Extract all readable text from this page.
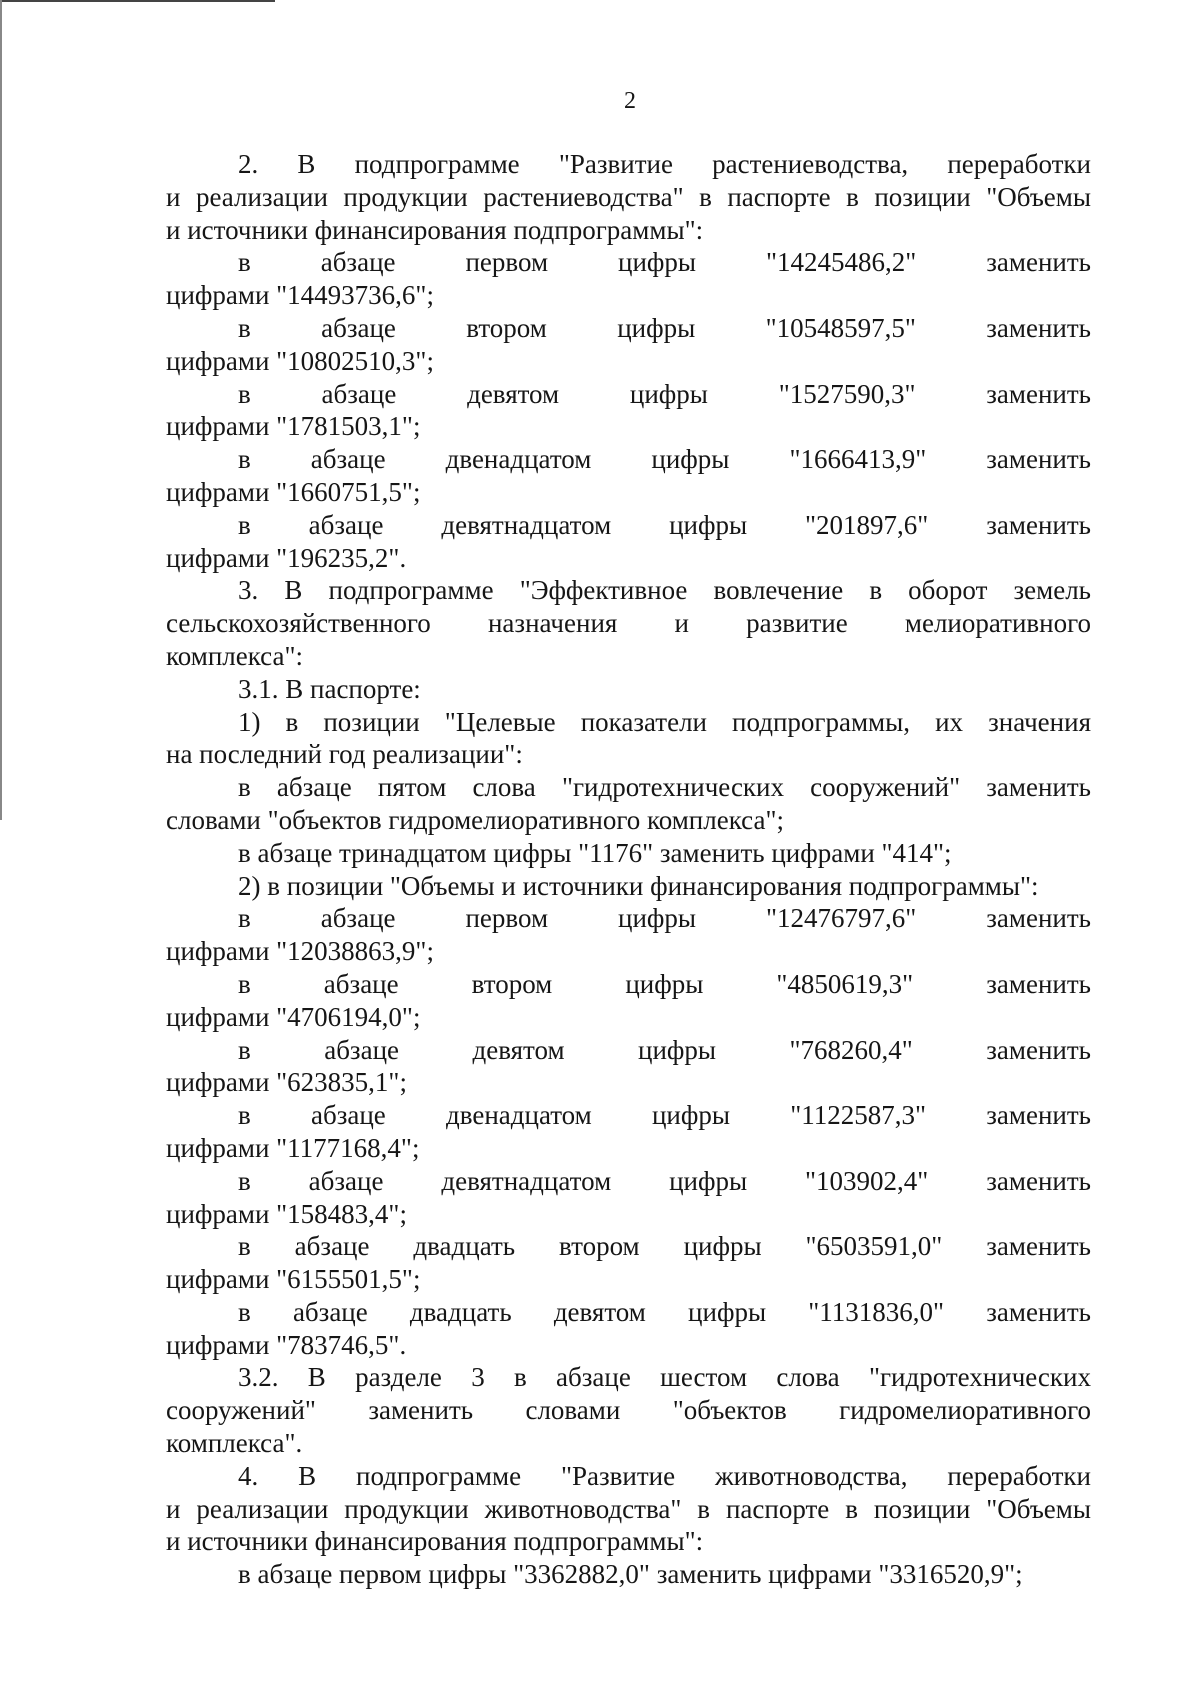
2
2. В подпрограмме "Развитие растениеводства, переработки
и реализации продукции растениеводства" в паспорте в позиции "Объемы
и источники финансирования подпрограммы":
в абзаце первом цифры "14245486,2" заменить
цифрами "14493736,6";
в абзаце втором цифры "10548597,5" заменить
цифрами "10802510,3";
в абзаце девятом цифры "1527590,3" заменить
цифрами "1781503,1";
в абзаце двенадцатом цифры "1666413,9" заменить
цифрами "1660751,5";
в абзаце девятнадцатом цифры "201897,6" заменить
цифрами "196235,2".
3. В подпрограмме "Эффективное вовлечение в оборот земель
сельскохозяйственного назначения и развитие мелиоративного
комплекса":
3.1. В паспорте:
1) в позиции "Целевые показатели подпрограммы, их значения
на последний год реализации":
в абзаце пятом слова "гидротехнических сооружений" заменить
словами "объектов гидромелиоративного комплекса";
в абзаце тринадцатом цифры "1176" заменить цифрами "414";
2) в позиции "Объемы и источники финансирования подпрограммы":
в абзаце первом цифры "12476797,6" заменить
цифрами "12038863,9";
в абзаце втором цифры "4850619,3" заменить
цифрами "4706194,0";
в абзаце девятом цифры "768260,4" заменить
цифрами "623835,1";
в абзаце двенадцатом цифры "1122587,3" заменить
цифрами "1177168,4";
в абзаце девятнадцатом цифры "103902,4" заменить
цифрами "158483,4";
в абзаце двадцать втором цифры "6503591,0" заменить
цифрами "6155501,5";
в абзаце двадцать девятом цифры "1131836,0" заменить
цифрами "783746,5".
3.2. В разделе 3 в абзаце шестом слова "гидротехнических
сооружений" заменить словами "объектов гидромелиоративного
комплекса".
4. В подпрограмме "Развитие животноводства, переработки
и реализации продукции животноводства" в паспорте в позиции "Объемы
и источники финансирования подпрограммы":
в абзаце первом цифры "3362882,0" заменить цифрами "3316520,9";
